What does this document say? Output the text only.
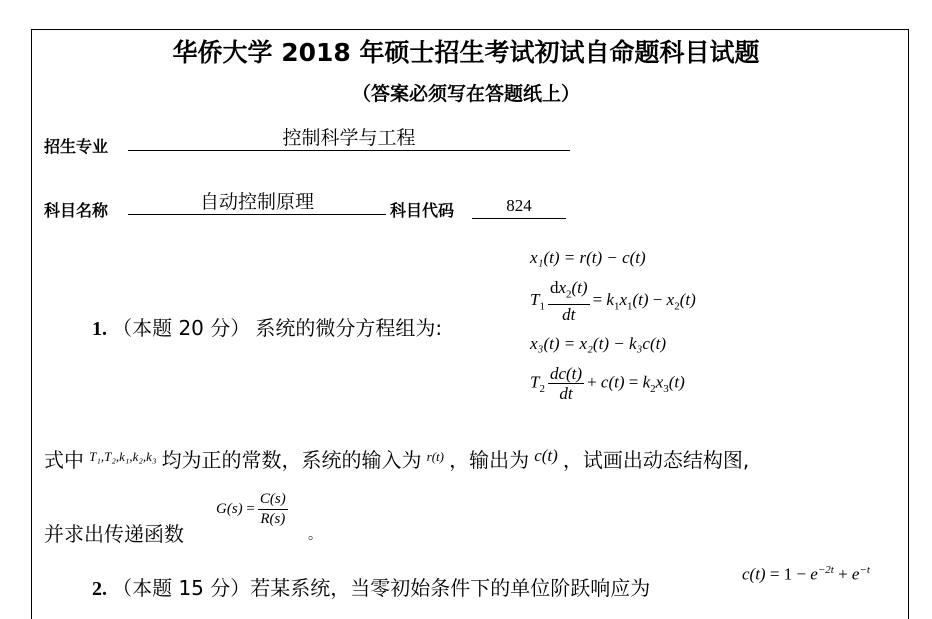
华侨大学 2018 年硕士招生考试初试自命题科目试题
（答案必须写在答题纸上）
招生专业	控制科学与工程
科目名称	自动控制原理	科目代码	824
1. （本题 20 分） 系统的微分方程组为:
x₁(t) = r(t) − c(t)
$T_1 \frac{dx_2(t)}{dt} = k_1x_1(t) - x_2(t)$
x₃(t) = x₂(t) − k₃c(t)
$T_2 \frac{dc(t)}{dt} + c(t) = k_2x_3(t)$
式中 $^{T_1,T_2,k_1,k_2,k_3}$ 均为正的常数，系统的输入为 $^{r(t)}$ ，输出为 c(t) ，试画出动态结构图,
并求出传递函数
$G(s) = \frac{C(s)}{R(s)}$
。
2. （本题 15 分）若某系统，当零初始条件下的单位阶跃响应为
$c(t) = 1 - e^{-2t} + e^{-t}$
